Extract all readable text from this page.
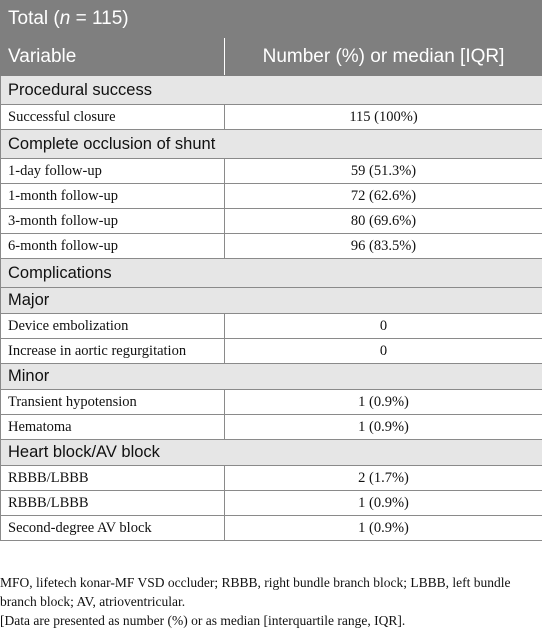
Total (n = 115)	
Variable	Number (%) or median [IQR]
Procedural success	
Successful closure	115 (100%)
Complete occlusion of shunt	
1-day follow-up	59 (51.3%)
1-month follow-up	72 (62.6%)
3-month follow-up	80 (69.6%)
6-month follow-up	96 (83.5%)
Complications	
Major	
Device embolization	0
Increase in aortic regurgitation	0
Minor	
Transient hypotension	1 (0.9%)
Hematoma	1 (0.9%)
Heart block/AV block	
RBBB/LBBB	2 (1.7%)
RBBB/LBBB	1 (0.9%)
Second-degree AV block	1 (0.9%)

MFO, lifetech konar-MF VSD occluder; RBBB, right bundle branch block; LBBB, left bundle branch block; AV, atrioventricular.

[Data are presented as number (%) or as median [interquartile range, IQR].
